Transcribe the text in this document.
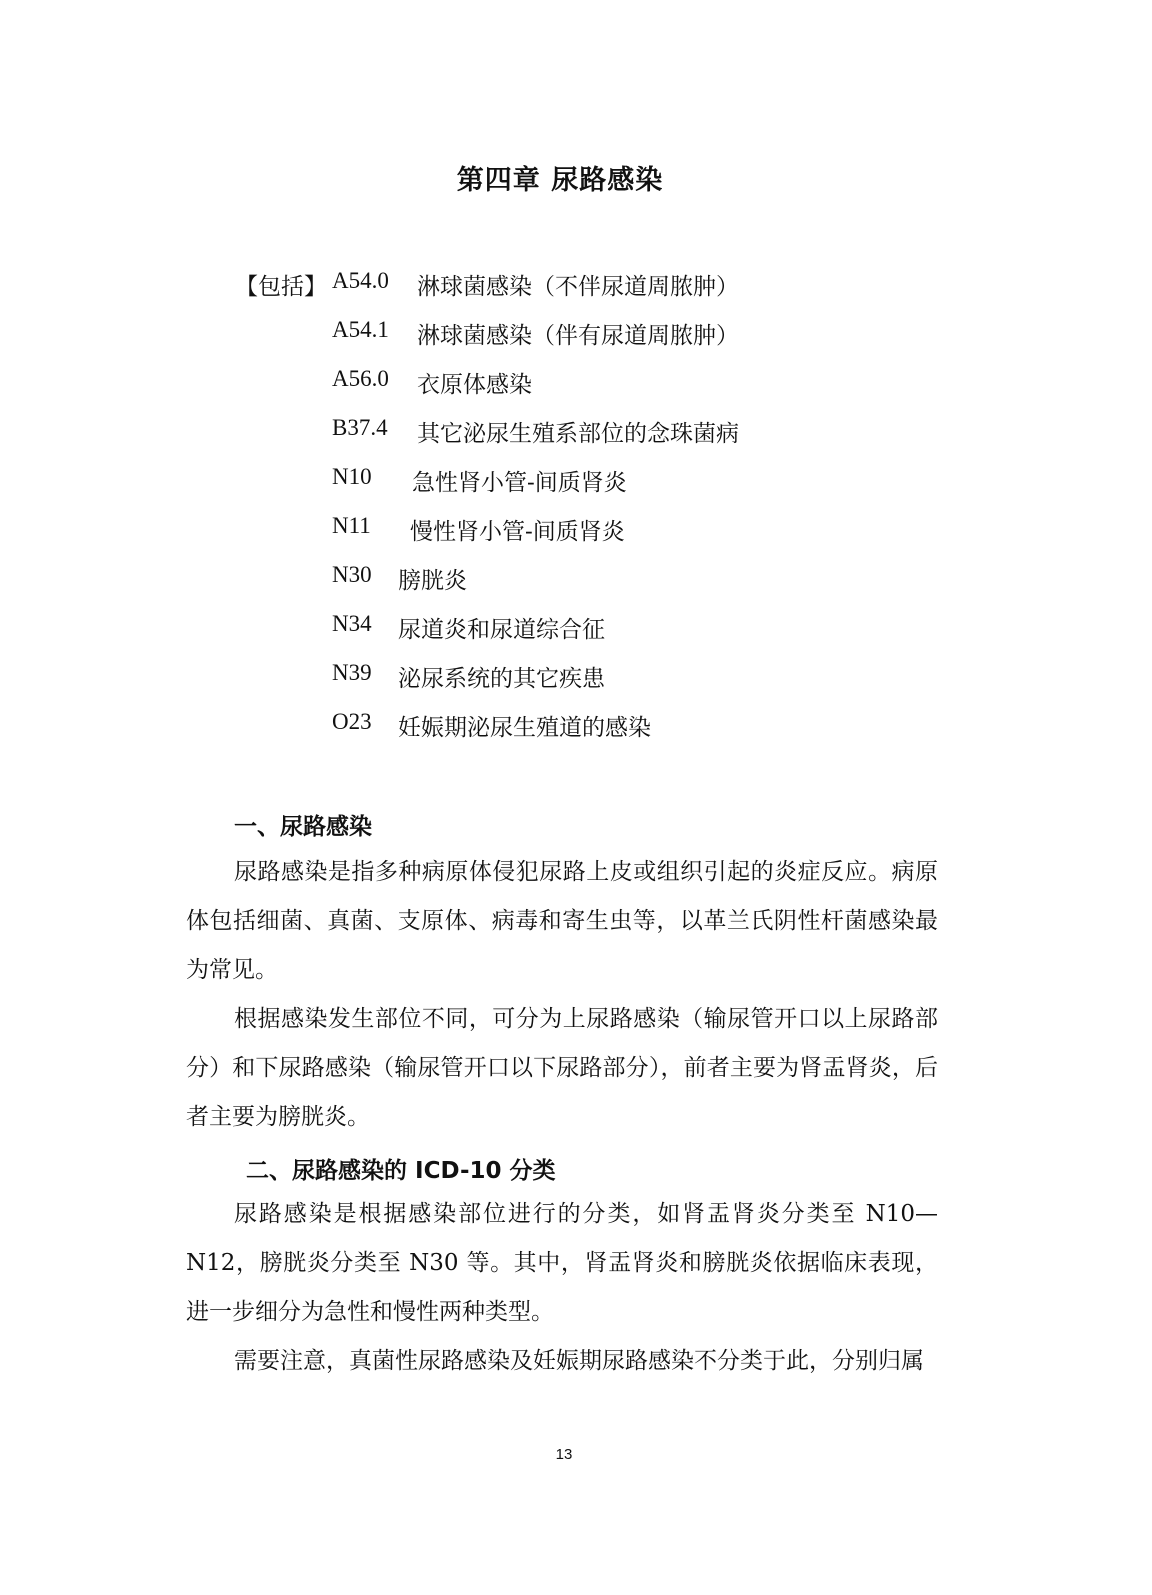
第四章 尿路感染
【包括】 A54.0 淋球菌感染（不伴尿道周脓肿）
A54.1 淋球菌感染（伴有尿道周脓肿）
A56.0 衣原体感染
B37.4 其它泌尿生殖系部位的念珠菌病
N10 急性肾小管-间质肾炎
N11 慢性肾小管-间质肾炎
N30 膀胱炎
N34 尿道炎和尿道综合征
N39 泌尿系统的其它疾患
O23 妊娠期泌尿生殖道的感染
一、尿路感染

尿路感染是指多种病原体侵犯尿路上皮或组织引起的炎症反应。病原体包括细菌、真菌、支原体、病毒和寄生虫等，以革兰氏阴性杆菌感染最为常见。

根据感染发生部位不同，可分为上尿路感染（输尿管开口以上尿路部分）和下尿路感染（输尿管开口以下尿路部分），前者主要为肾盂肾炎，后者主要为膀胱炎。

二、尿路感染的 ICD-10 分类

尿路感染是根据感染部位进行的分类，如肾盂肾炎分类至 N10—N12，膀胱炎分类至 N30 等。其中，肾盂肾炎和膀胱炎依据临床表现，进一步细分为急性和慢性两种类型。

需要注意，真菌性尿路感染及妊娠期尿路感染不分类于此，分别归属

13
